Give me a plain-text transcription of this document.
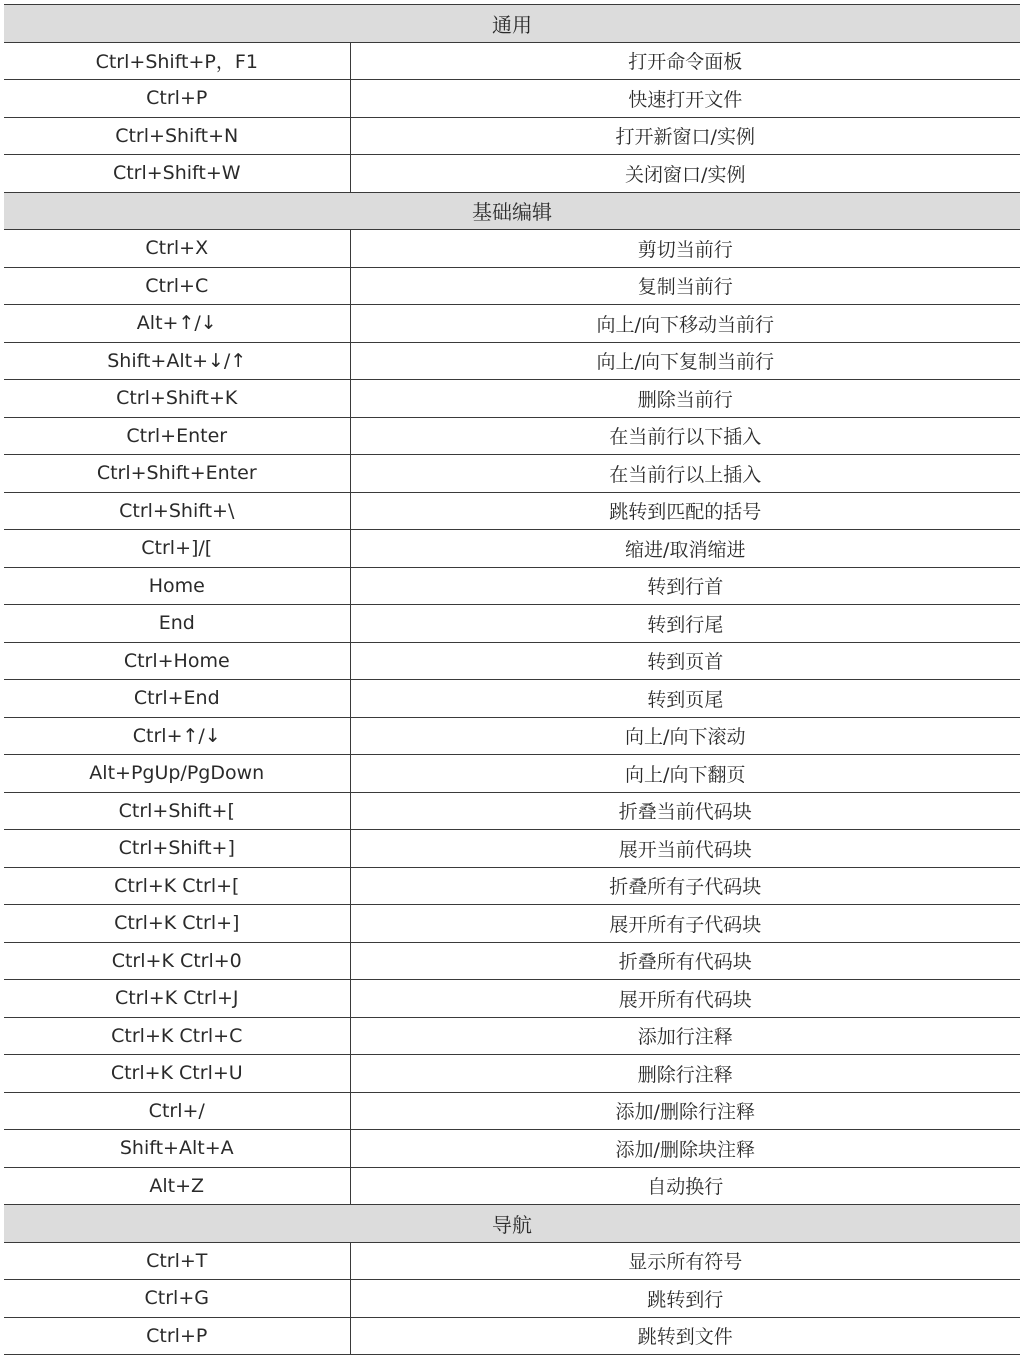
通用	
Ctrl+Shift+P，F1	打开命令面板
Ctrl+P	快速打开文件
Ctrl+Shift+N	打开新窗口/实例
Ctrl+Shift+W	关闭窗口/实例
基础编辑	
Ctrl+X	剪切当前行
Ctrl+C	复制当前行
Alt+↑/↓	向上/向下移动当前行
Shift+Alt+↓/↑	向上/向下复制当前行
Ctrl+Shift+K	删除当前行
Ctrl+Enter	在当前行以下插入
Ctrl+Shift+Enter	在当前行以上插入
Ctrl+Shift+\	跳转到匹配的括号
Ctrl+]/[	缩进/取消缩进
Home	转到行首
End	转到行尾
Ctrl+Home	转到页首
Ctrl+End	转到页尾
Ctrl+↑/↓	向上/向下滚动
Alt+PgUp/PgDown	向上/向下翻页
Ctrl+Shift+[	折叠当前代码块
Ctrl+Shift+]	展开当前代码块
Ctrl+K Ctrl+[	折叠所有子代码块
Ctrl+K Ctrl+]	展开所有子代码块
Ctrl+K Ctrl+0	折叠所有代码块
Ctrl+K Ctrl+J	展开所有代码块
Ctrl+K Ctrl+C	添加行注释
Ctrl+K Ctrl+U	删除行注释
Ctrl+/	添加/删除行注释
Shift+Alt+A	添加/删除块注释
Alt+Z	自动换行
导航	
Ctrl+T	显示所有符号
Ctrl+G	跳转到行
Ctrl+P	跳转到文件
